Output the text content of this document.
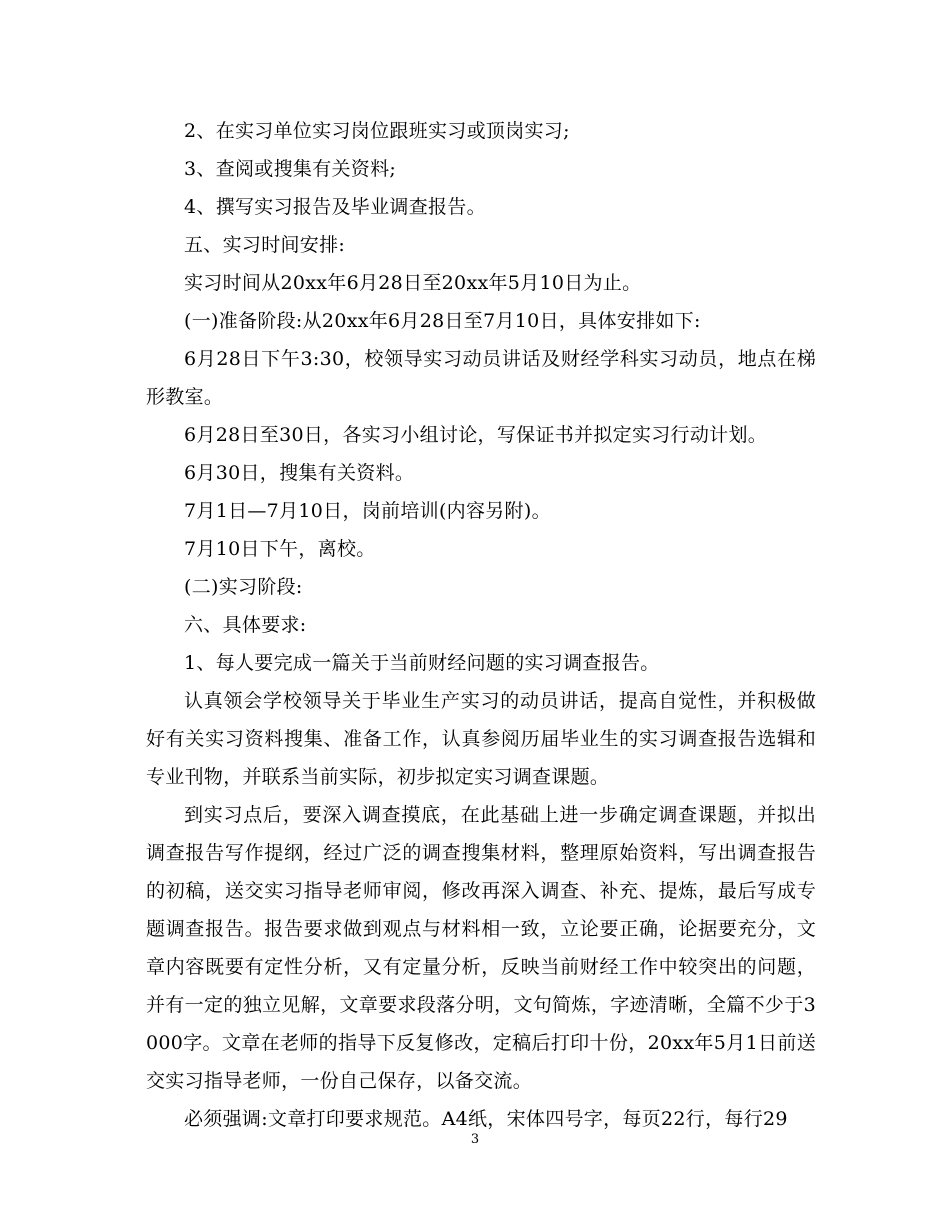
2、在实习单位实习岗位跟班实习或顶岗实习;

3、查阅或搜集有关资料;

4、撰写实习报告及毕业调查报告。

五、实习时间安排:

实习时间从20xx年6月28日至20xx年5月10日为止。

(一)准备阶段:从20xx年6月28日至7月10日，具体安排如下:

6月28日下午3:30，校领导实习动员讲话及财经学科实习动员，地点在梯形教室。

6月28日至30日，各实习小组讨论，写保证书并拟定实习行动计划。

6月30日，搜集有关资料。

7月1日—7月10日，岗前培训(内容另附)。

7月10日下午，离校。

(二)实习阶段:

六、具体要求:

1、每人要完成一篇关于当前财经问题的实习调查报告。

认真领会学校领导关于毕业生产实习的动员讲话，提高自觉性，并积极做好有关实习资料搜集、准备工作，认真参阅历届毕业生的实习调查报告选辑和专业刊物，并联系当前实际，初步拟定实习调查课题。

到实习点后，要深入调查摸底，在此基础上进一步确定调查课题，并拟出调查报告写作提纲，经过广泛的调查搜集材料，整理原始资料，写出调查报告的初稿，送交实习指导老师审阅，修改再深入调查、补充、提炼，最后写成专题调查报告。报告要求做到观点与材料相一致，立论要正确，论据要充分，文章内容既要有定性分析，又有定量分析，反映当前财经工作中较突出的问题，并有一定的独立见解，文章要求段落分明，文句简炼，字迹清晰，全篇不少于3000字。文章在老师的指导下反复修改，定稿后打印十份，20xx年5月1日前送交实习指导老师，一份自己保存，以备交流。

必须强调:文章打印要求规范。A4纸，宋体四号字，每页22行，每行29

3
